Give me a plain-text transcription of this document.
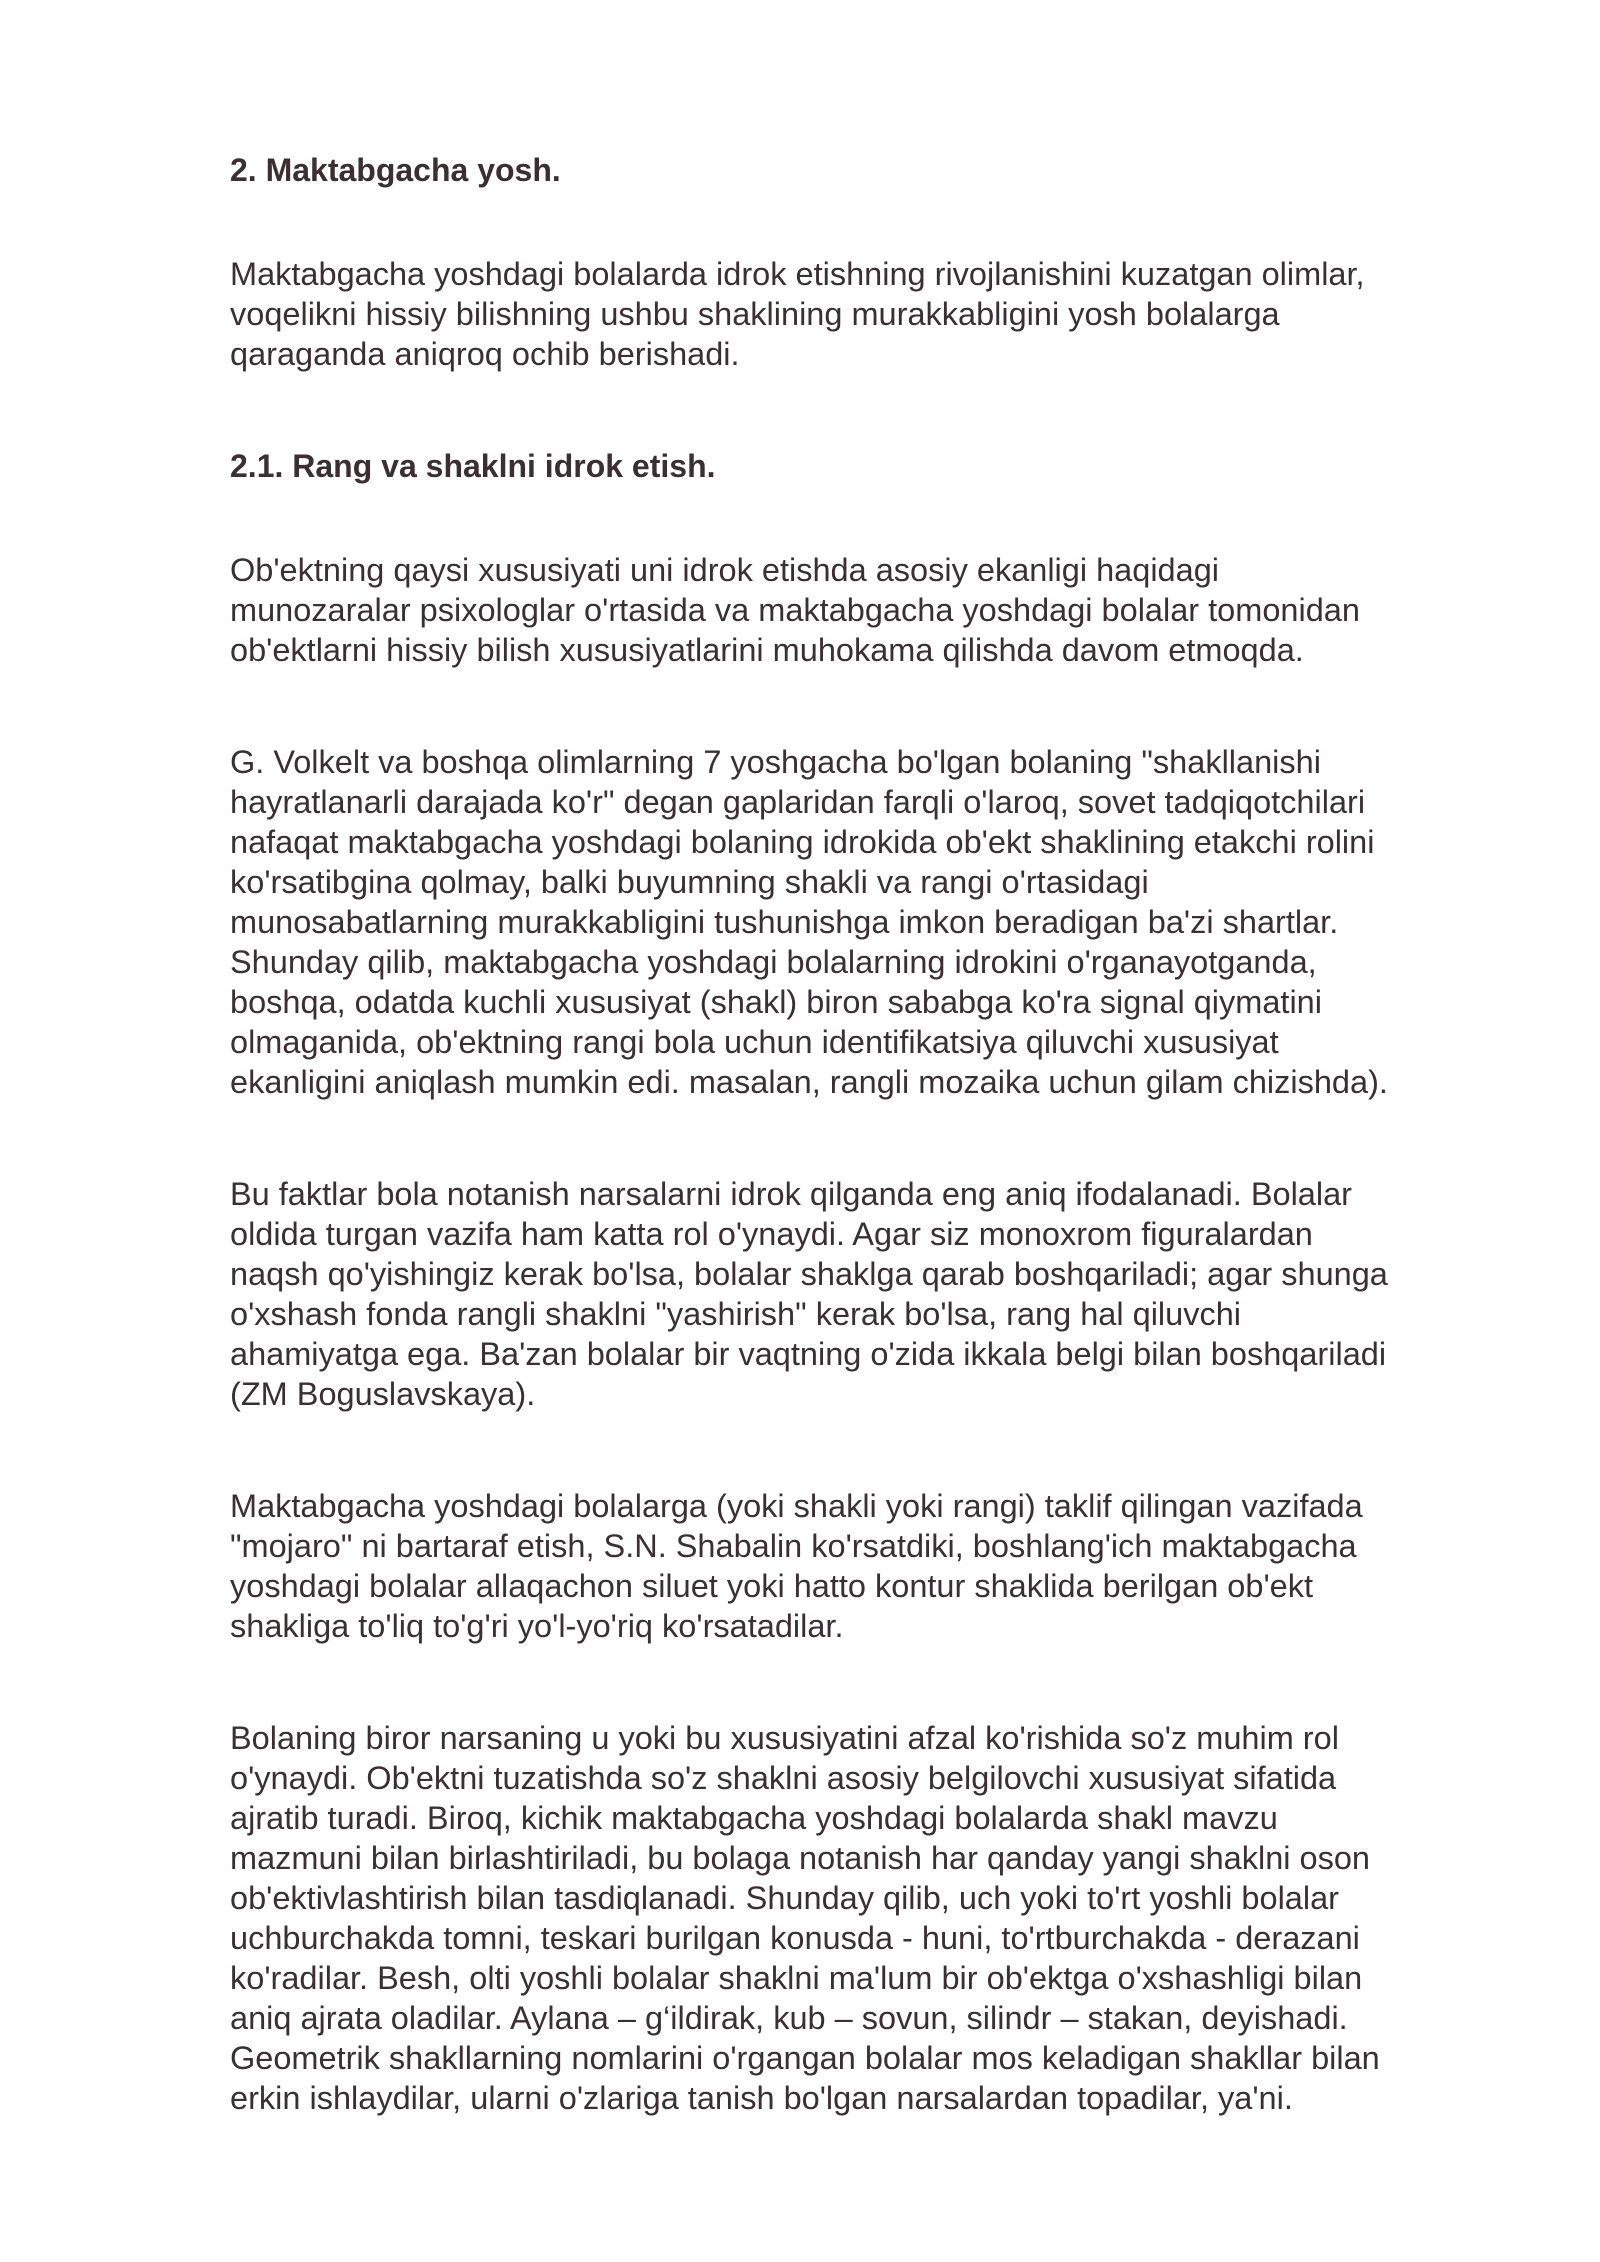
2. Maktabgacha yosh.

Maktabgacha yoshdagi bolalarda idrok etishning rivojlanishini kuzatgan olimlar,
voqelikni hissiy bilishning ushbu shaklining murakkabligini yosh bolalarga
qaraganda aniqroq ochib berishadi.

2.1. Rang va shaklni idrok etish.

Ob'ektning qaysi xususiyati uni idrok etishda asosiy ekanligi haqidagi
munozaralar psixologlar o'rtasida va maktabgacha yoshdagi bolalar tomonidan
ob'ektlarni hissiy bilish xususiyatlarini muhokama qilishda davom etmoqda.

G. Volkelt va boshqa olimlarning 7 yoshgacha bo'lgan bolaning "shakllanishi
hayratlanarli darajada ko'r" degan gaplaridan farqli o'laroq, sovet tadqiqotchilari
nafaqat maktabgacha yoshdagi bolaning idrokida ob'ekt shaklining etakchi rolini
ko'rsatibgina qolmay, balki buyumning shakli va rangi o'rtasidagi
munosabatlarning murakkabligini tushunishga imkon beradigan ba'zi shartlar.
Shunday qilib, maktabgacha yoshdagi bolalarning idrokini o'rganayotganda,
boshqa, odatda kuchli xususiyat (shakl) biron sababga ko'ra signal qiymatini
olmaganida, ob'ektning rangi bola uchun identifikatsiya qiluvchi xususiyat
ekanligini aniqlash mumkin edi. masalan, rangli mozaika uchun gilam chizishda).

Bu faktlar bola notanish narsalarni idrok qilganda eng aniq ifodalanadi. Bolalar
oldida turgan vazifa ham katta rol o'ynaydi. Agar siz monoxrom figuralardan
naqsh qo'yishingiz kerak bo'lsa, bolalar shaklga qarab boshqariladi; agar shunga
o'xshash fonda rangli shaklni "yashirish" kerak bo'lsa, rang hal qiluvchi
ahamiyatga ega. Ba'zan bolalar bir vaqtning o'zida ikkala belgi bilan boshqariladi
(ZM Boguslavskaya).

Maktabgacha yoshdagi bolalarga (yoki shakli yoki rangi) taklif qilingan vazifada
"mojaro" ni bartaraf etish, S.N. Shabalin ko'rsatdiki, boshlang'ich maktabgacha
yoshdagi bolalar allaqachon siluet yoki hatto kontur shaklida berilgan ob'ekt
shakliga to'liq to'g'ri yo'l-yo'riq ko'rsatadilar.

Bolaning biror narsaning u yoki bu xususiyatini afzal ko'rishida so'z muhim rol
o'ynaydi. Ob'ektni tuzatishda so'z shaklni asosiy belgilovchi xususiyat sifatida
ajratib turadi. Biroq, kichik maktabgacha yoshdagi bolalarda shakl mavzu
mazmuni bilan birlashtiriladi, bu bolaga notanish har qanday yangi shaklni oson
ob'ektivlashtirish bilan tasdiqlanadi. Shunday qilib, uch yoki to'rt yoshli bolalar
uchburchakda tomni, teskari burilgan konusda - huni, to'rtburchakda - derazani
ko'radilar. Besh, olti yoshli bolalar shaklni ma'lum bir ob'ektga o'xshashligi bilan
aniq ajrata oladilar. Aylana – g‘ildirak, kub – sovun, silindr – stakan, deyishadi.
Geometrik shakllarning nomlarini o'rgangan bolalar mos keladigan shakllar bilan
erkin ishlaydilar, ularni o'zlariga tanish bo'lgan narsalardan topadilar, ya'ni.
